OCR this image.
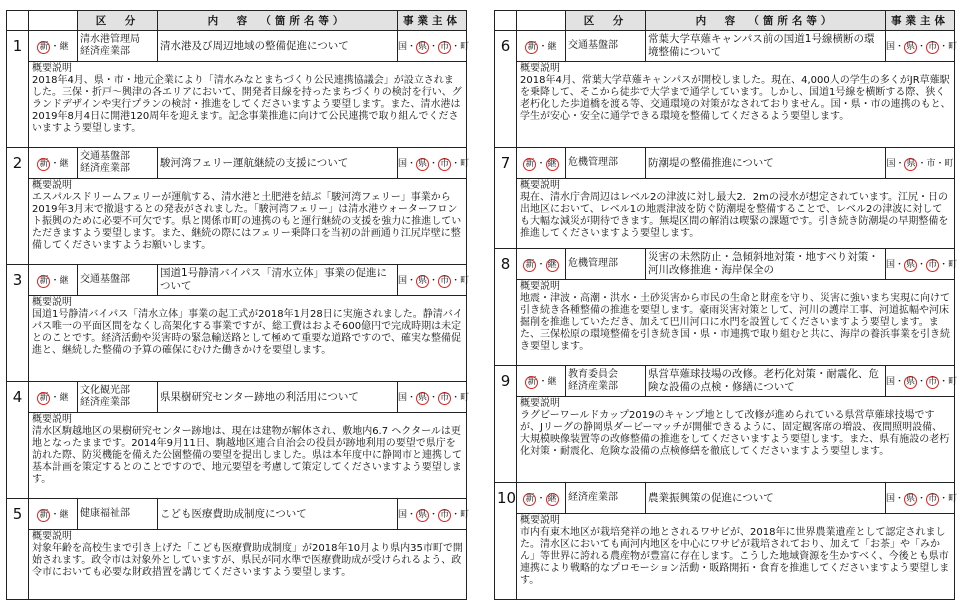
		区　分	内　容　（箇所名等）	事業主体
1	新 ・継	清水港管理局
経済産業部	清水港及び周辺地域の整備促進について	国・ 県 ・ 市 ・町

	概要説明
2018年4月、県・市・地元企業により「清水みなとまちづくり公民連携協議会」が設立されました。三保・折戸～興津の各エリアにおいて、開発者目線を持ったまちづくりの検討を行い、グランドデザインや実行プランの検討・推進をしてくださいますよう要望します。また、清水港は2019年8月4日に開港120周年を迎えます。記念事業推進に向けて公民連携で取り組んでくださいますよう要望します。			
2	新 ・継	交通基盤部
経済産業部	駿河湾フェリー運航継続の支援について	国・ 県 ・ 市 ・町

	概要説明
エスパルスドリームフェリーが運航する、清水港と土肥港を結ぶ「駿河湾フェリー」事業から2019年3月末で撤退するとの発表がされました。「駿河湾フェリー」は清水港ウォーターフロント振興のために必要不可欠です。県と関係市町の連携のもと運行継続の支援を強力に推進していただきますよう要望します。また、継続の際にはフェリー乗降口を当初の計画通り江尻岸壁に整備してくださいますようお願いします。			
3	新 ・継	交通基盤部	国道1号静清バイパス「清水立体」事業の促進について	国・ 県 ・ 市 ・町

	概要説明
国道1号静清バイパス「清水立体」事業の起工式が2018年1月28日に実施されました。静清バイパス唯一の平面区間をなくし高架化する事業ですが、総工費はおよそ600億円で完成時期は未定とのことです。経済活動や災害時の緊急輸送路として極めて重要な道路ですので、確実な整備促進と、継続した整備の予算の確保にむけた働きかけを要望します。			
4	新 ・継	文化観光部
経済産業部	県果樹研究センター跡地の利活用について	国・ 県 ・ 市 ・町

	概要説明
清水区駒越地区の果樹研究センター跡地は、現在は建物が解体され、敷地内6.7 ヘクタールは更地となったままです。2014年9月11日、駒越地区連合自治会の役員が跡地利用の要望で県庁を訪れた際、防災機能を備えた公園整備の要望を提出しました。県は本年度中に静岡市と連携して基本計画を策定するとのことですので、地元要望を考慮して策定してくださいますよう要望します。			
5	新 ・継	健康福祉部	こども医療費助成制度について	国・ 県 ・ 市 ・町

	概要説明
対象年齢を高校生まで引き上げた「こども医療費助成制度」が2018年10月より県内35市町で開始されます。政令市は対象外としていますが、県民が同水準で医療費助成が受けられるよう、政令市においても必要な財政措置を講じてくださいますよう要望します。			
		区　分	内　容　（箇所名等）	事業主体
6	新 ・継	交通基盤部	常葉大学草薙キャンパス前の国道1号線横断の環境整備について	国・ 県 ・ 市 ・町

	概要説明
2018年4月、常葉大学草薙キャンパスが開校しました。現在、4,000人の学生の多くがJR草薙駅を乗降して、そこから徒歩で大学まで通学しています。しかし、国道1号線を横断する際、狭く老朽化した歩道橋を渡る等、交通環境の対策がなされておりません。国・県・市の連携のもと、学生が安心・安全に通学できる環境を整備してくださるよう要望します。			
7	新 ・ 継	危機管理部	防潮堤の整備推進について	国・ 県 ・市・町

	概要説明
現在、清水庁舎周辺はレベル2の津波に対し最大2．2mの浸水が想定されています。江尻・日の出地区において、レベル1の地震津波を防ぐ防潮堤を整備することで、レベル2の津波に対しても大幅な減災が期待できます。無堤区間の解消は喫緊の課題です。引き続き防潮堤の早期整備を推進してくださいますよう要望します。			
8	新 ・ 継	危機管理部	災害の未然防止・急傾斜地対策・地すべり対策・河川改修推進・海岸保全の	国・ 県 ・ 市 ・町

	概要説明
地震・津波・高潮・洪水・土砂災害から市民の生命と財産を守り、災害に強いまち実現に向けて引き続き各種整備の推進を要望します。豪雨災害対策として、河川の護岸工事、河道拡幅や河床掘削を推進していただき、加えて巴川河口に水門を設置してくださいますよう要望します。また、三保松原の環境整備を引き続き国・県・市連携で取り組むと共に、海岸の養浜事業を引き続き要望します。			
9	新 ・継	教育委員会
経済産業部	県営草薙球技場の改修。老朽化対策・耐震化、危険な設備の点検・修繕について	国・ 県 ・ 市 ・町

	概要説明
ラグビーワールドカップ2019のキャンプ地として改修が進められている県営草薙球技場ですが、Jリーグの静岡県ダービーマッチが開催できるように、固定観客席の増設、夜間照明設備、大規模映像装置等の改修整備の推進をしてくださいますよう要望します。また、県有施設の老朽化対策・耐震化、危険な設備の点検修繕を徹底してくださいますよう要望します。			
10	新 ・ 継	経済産業部	農業振興策の促進について	国・ 県 ・ 市 ・町

	概要説明
市内有東木地区が栽培発祥の地とされるワサビが、2018年に世界農業遺産として認定されました。清水区においても両河内地区を中心にワサビが栽培されており、加えて「お茶」や「みかん」等世界に誇れる農産物が豊富に存在します。こうした地域資源を生かすべく、今後とも県市連携により戦略的なプロモーション活動・販路開拓・食育を推進してくださいますよう要望します。			
